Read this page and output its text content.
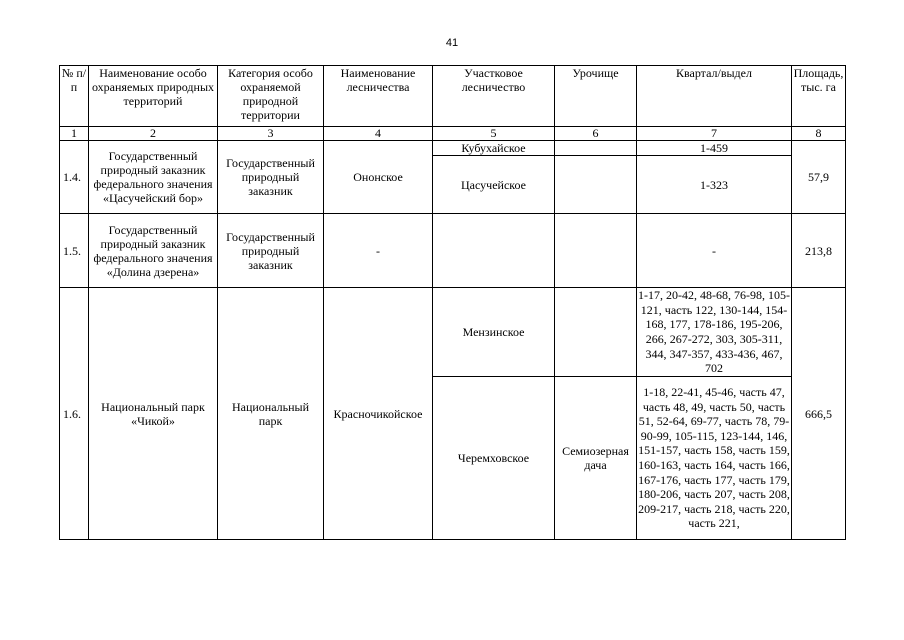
41
№ п/п	Наименование особо охраняемых природных территорий	Категория особо охраняемой природной территории	Наименование лесничества	Участковое лесничество	Урочище	Квартал/выдел	Площадь, тыс. га
1	2	3	4	5	6	7	8
1.4.	Государственный природный заказник федерального значения «Цасучейский бор»	Государственный природный заказник	Ононское	Кубухайское		1-459	57,9
				Цасучейское		1-323	
1.5.	Государственный природный заказник федерального значения «Долина дзерена»	Государственный природный заказник	-			-	213,8
1.6.	Национальный парк «Чикой»	Национальный парк	Красночикойское	Мензинское		1-17, 20-42, 48-68, 76-98, 105-121, часть 122, 130-144, 154-168, 177, 178-186, 195-206, 266, 267-272, 303, 305-311, 344, 347-357, 433-436, 467, 702	666,5
				Черемховское	Семиозерная дача	1-18, 22-41, 45-46, часть 47, часть 48, 49, часть 50, часть 51, 52-64, 69-77, часть 78, 79-90-99, 105-115, 123-144, 146, 151-157, часть 158, часть 159, 160-163, часть 164, часть 166, 167-176, часть 177, часть 179, 180-206, часть 207, часть 208, 209-217, часть 218, часть 220, часть 221,	
